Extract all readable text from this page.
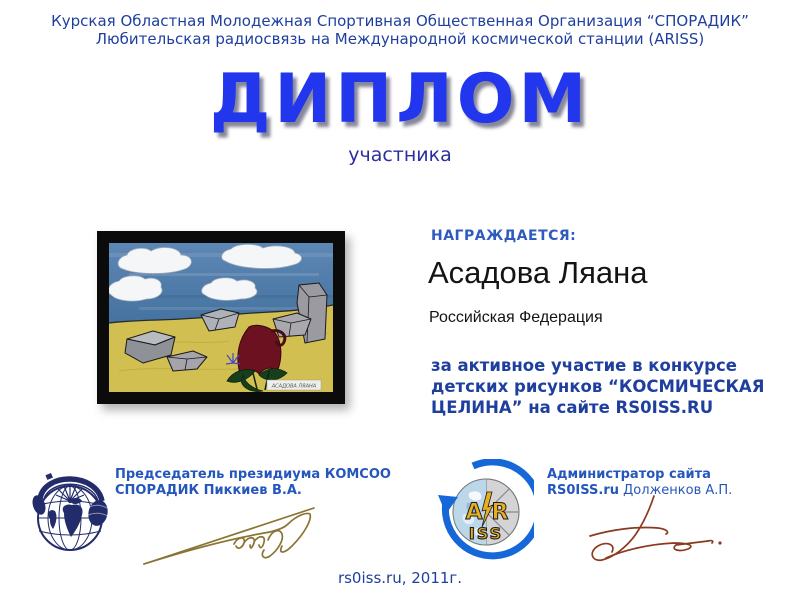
Курская Областная Молодежная Спортивная Общественная Организация “СПОРАДИК”
Любительская радиосвязь на Международной космической станции (ARISS)
ДИПЛОМ
участника
АСАДОВА ЛЯАНА
НАГРАЖДАЕТСЯ:
Асадова Ляана
Российская Федерация
за активное участие в конкурсе детских рисунков “КОСМИЧЕСКАЯ ЦЕЛИНА” на сайте RS0ISS.RU
Председатель президиума КОМСОО
СПОРАДИК Пиккиев В.А.
A R
ISS
Администратор сайта
RS0ISS.ru Долженков А.П.
rs0iss.ru, 2011г.
